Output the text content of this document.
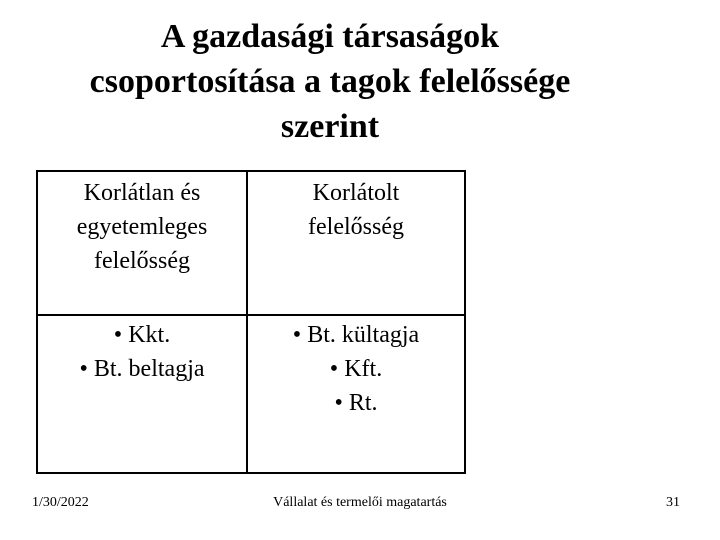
A gazdasági társaságok
csoportosítása a tagok felelőssége
szerint
Korlátlan és
egyetemleges
felelősség
Korlátolt
felelősség
• Kkt.
• Bt. beltagja
• Bt. kültagja
• Kft.
• Rt.
1/30/2022	Vállalat és termelői magatartás	31
